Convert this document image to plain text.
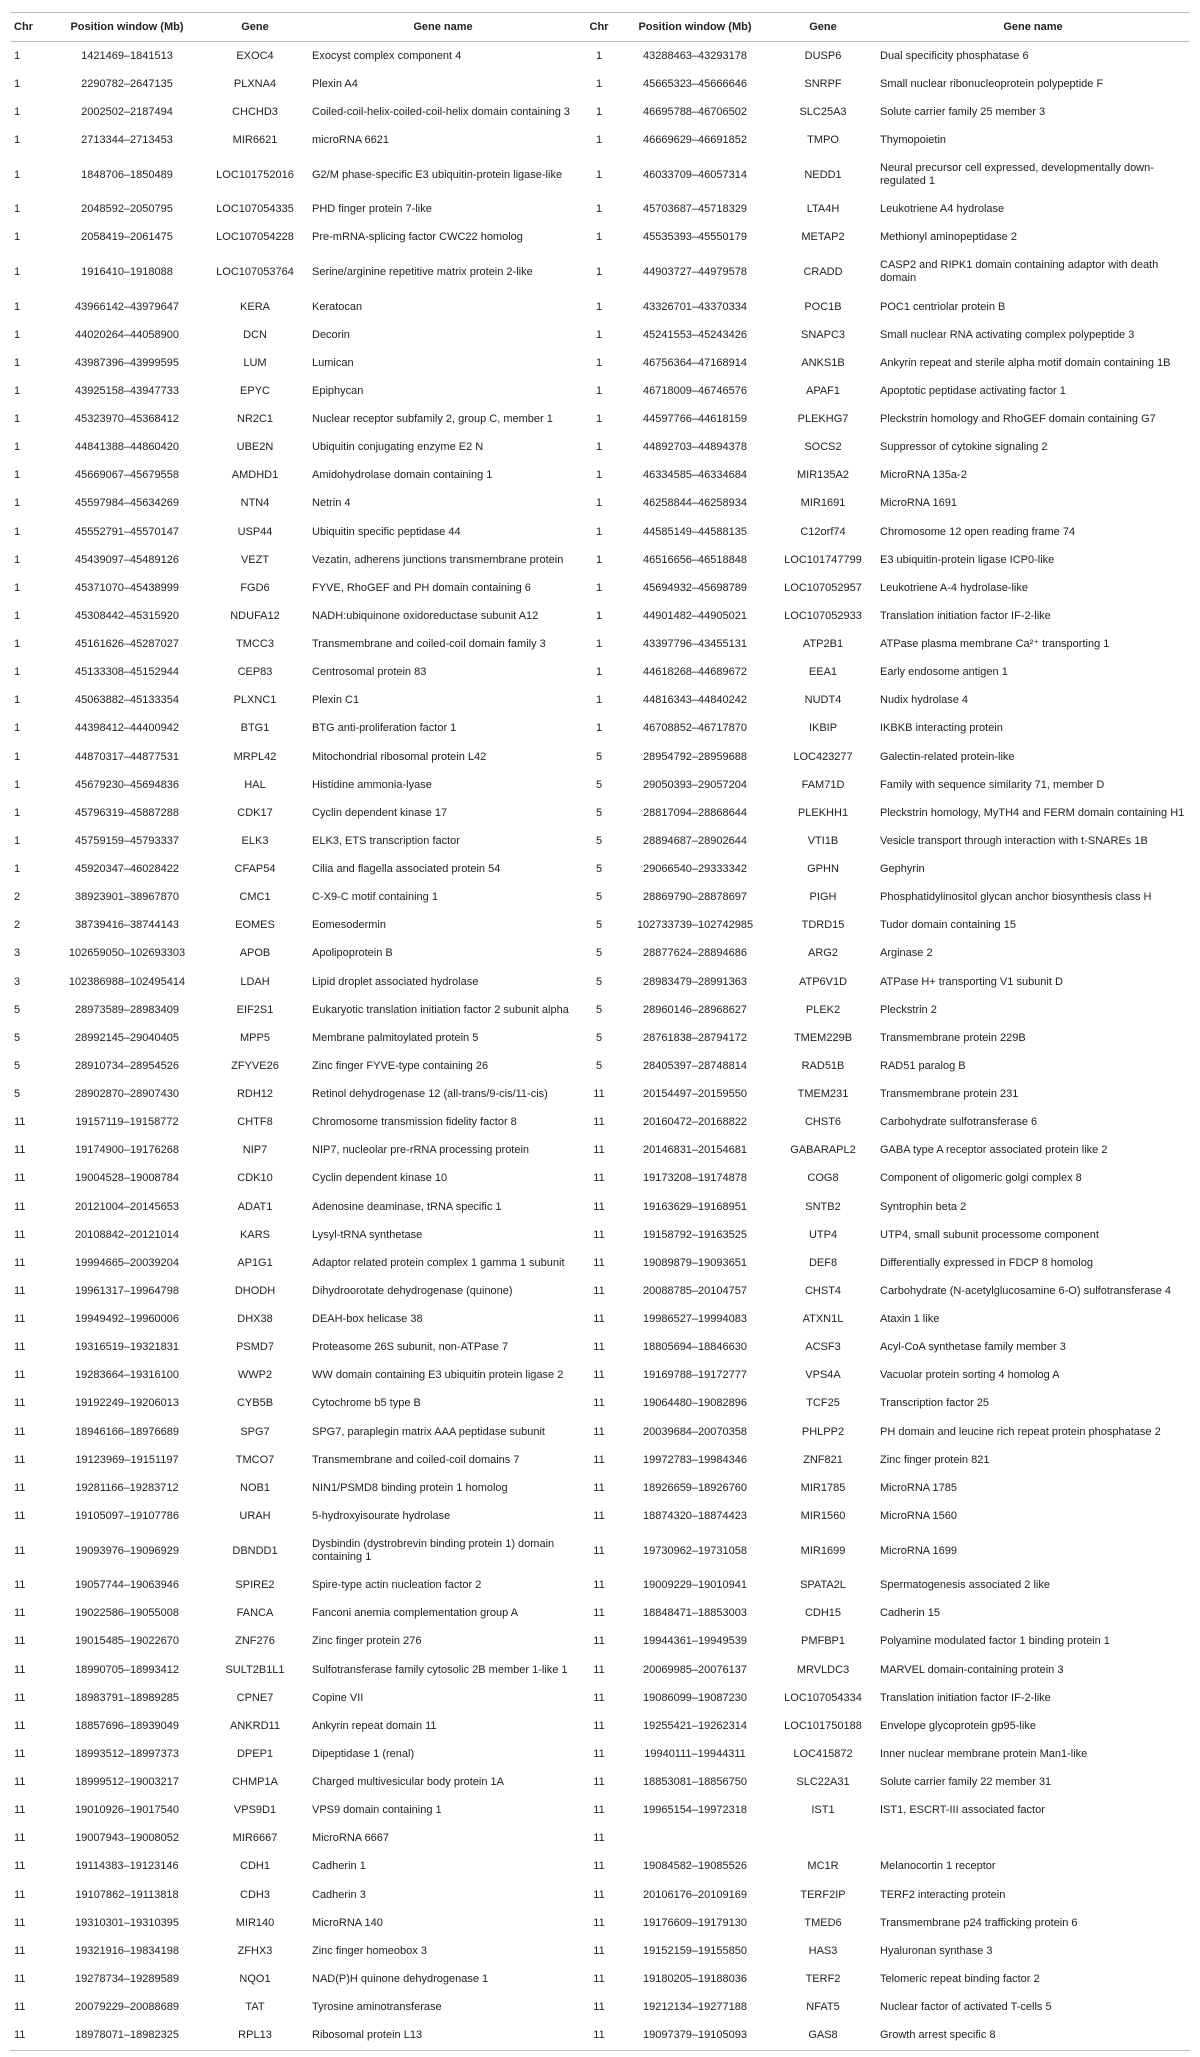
Chr	Position window (Mb)	Gene	Gene name	Chr	Position window (Mb)	Gene	Gene name
1	1421469–1841513	EXOC4	Exocyst complex component 4	1	43288463–43293178	DUSP6	Dual specificity phosphatase 6
1	2290782–2647135	PLXNA4	Plexin A4	1	45665323–45666646	SNRPF	Small nuclear ribonucleoprotein polypeptide F
1	2002502–2187494	CHCHD3	Coiled-coil-helix-coiled-coil-helix domain containing 3	1	46695788–46706502	SLC25A3	Solute carrier family 25 member 3
1	2713344–2713453	MIR6621	microRNA 6621	1	46669629–46691852	TMPO	Thymopoietin
1	1848706–1850489	LOC101752016	G2/M phase-specific E3 ubiquitin-protein ligase-like	1	46033709–46057314	NEDD1	Neural precursor cell expressed, developmentally down-regulated 1
1	2048592–2050795	LOC107054335	PHD finger protein 7-like	1	45703687–45718329	LTA4H	Leukotriene A4 hydrolase
1	2058419–2061475	LOC107054228	Pre-mRNA-splicing factor CWC22 homolog	1	45535393–45550179	METAP2	Methionyl aminopeptidase 2
1	1916410–1918088	LOC107053764	Serine/arginine repetitive matrix protein 2-like	1	44903727–44979578	CRADD	CASP2 and RIPK1 domain containing adaptor with death domain
1	43966142–43979647	KERA	Keratocan	1	43326701–43370334	POC1B	POC1 centriolar protein B
1	44020264–44058900	DCN	Decorin	1	45241553–45243426	SNAPC3	Small nuclear RNA activating complex polypeptide 3
1	43987396–43999595	LUM	Lumican	1	46756364–47168914	ANKS1B	Ankyrin repeat and sterile alpha motif domain containing 1B
1	43925158–43947733	EPYC	Epiphycan	1	46718009–46746576	APAF1	Apoptotic peptidase activating factor 1
1	45323970–45368412	NR2C1	Nuclear receptor subfamily 2, group C, member 1	1	44597766–44618159	PLEKHG7	Pleckstrin homology and RhoGEF domain containing G7
1	44841388–44860420	UBE2N	Ubiquitin conjugating enzyme E2 N	1	44892703–44894378	SOCS2	Suppressor of cytokine signaling 2
1	45669067–45679558	AMDHD1	Amidohydrolase domain containing 1	1	46334585–46334684	MIR135A2	MicroRNA 135a-2
1	45597984–45634269	NTN4	Netrin 4	1	46258844–46258934	MIR1691	MicroRNA 1691
1	45552791–45570147	USP44	Ubiquitin specific peptidase 44	1	44585149–44588135	C12orf74	Chromosome 12 open reading frame 74
1	45439097–45489126	VEZT	Vezatin, adherens junctions transmembrane protein	1	46516656–46518848	LOC101747799	E3 ubiquitin-protein ligase ICP0-like
1	45371070–45438999	FGD6	FYVE, RhoGEF and PH domain containing 6	1	45694932–45698789	LOC107052957	Leukotriene A-4 hydrolase-like
1	45308442–45315920	NDUFA12	NADH:ubiquinone oxidoreductase subunit A12	1	44901482–44905021	LOC107052933	Translation initiation factor IF-2-like
1	45161626–45287027	TMCC3	Transmembrane and coiled-coil domain family 3	1	43397796–43455131	ATP2B1	ATPase plasma membrane Ca²⁺ transporting 1
1	45133308–45152944	CEP83	Centrosomal protein 83	1	44618268–44689672	EEA1	Early endosome antigen 1
1	45063882–45133354	PLXNC1	Plexin C1	1	44816343–44840242	NUDT4	Nudix hydrolase 4
1	44398412–44400942	BTG1	BTG anti-proliferation factor 1	1	46708852–46717870	IKBIP	IKBKB interacting protein
1	44870317–44877531	MRPL42	Mitochondrial ribosomal protein L42	5	28954792–28959688	LOC423277	Galectin-related protein-like
1	45679230–45694836	HAL	Histidine ammonia-lyase	5	29050393–29057204	FAM71D	Family with sequence similarity 71, member D
1	45796319–45887288	CDK17	Cyclin dependent kinase 17	5	28817094–28868644	PLEKHH1	Pleckstrin homology, MyTH4 and FERM domain containing H1
1	45759159–45793337	ELK3	ELK3, ETS transcription factor	5	28894687–28902644	VTI1B	Vesicle transport through interaction with t-SNAREs 1B
1	45920347–46028422	CFAP54	Cilia and flagella associated protein 54	5	29066540–29333342	GPHN	Gephyrin
2	38923901–38967870	CMC1	C-X9-C motif containing 1	5	28869790–28878697	PIGH	Phosphatidylinositol glycan anchor biosynthesis class H
2	38739416–38744143	EOMES	Eomesodermin	5	102733739–102742985	TDRD15	Tudor domain containing 15
3	102659050–102693303	APOB	Apolipoprotein B	5	28877624–28894686	ARG2	Arginase 2
3	102386988–102495414	LDAH	Lipid droplet associated hydrolase	5	28983479–28991363	ATP6V1D	ATPase H+ transporting V1 subunit D
5	28973589–28983409	EIF2S1	Eukaryotic translation initiation factor 2 subunit alpha	5	28960146–28968627	PLEK2	Pleckstrin 2
5	28992145–29040405	MPP5	Membrane palmitoylated protein 5	5	28761838–28794172	TMEM229B	Transmembrane protein 229B
5	28910734–28954526	ZFYVE26	Zinc finger FYVE-type containing 26	5	28405397–28748814	RAD51B	RAD51 paralog B
5	28902870–28907430	RDH12	Retinol dehydrogenase 12 (all-trans/9-cis/11-cis)	11	20154497–20159550	TMEM231	Transmembrane protein 231
11	19157119–19158772	CHTF8	Chromosome transmission fidelity factor 8	11	20160472–20168822	CHST6	Carbohydrate sulfotransferase 6
11	19174900–19176268	NIP7	NIP7, nucleolar pre-rRNA processing protein	11	20146831–20154681	GABARAPL2	GABA type A receptor associated protein like 2
11	19004528–19008784	CDK10	Cyclin dependent kinase 10	11	19173208–19174878	COG8	Component of oligomeric golgi complex 8
11	20121004–20145653	ADAT1	Adenosine deaminase, tRNA specific 1	11	19163629–19168951	SNTB2	Syntrophin beta 2
11	20108842–20121014	KARS	Lysyl-tRNA synthetase	11	19158792–19163525	UTP4	UTP4, small subunit processome component
11	19994665–20039204	AP1G1	Adaptor related protein complex 1 gamma 1 subunit	11	19089879–19093651	DEF8	Differentially expressed in FDCP 8 homolog
11	19961317–19964798	DHODH	Dihydroorotate dehydrogenase (quinone)	11	20088785–20104757	CHST4	Carbohydrate (N-acetylglucosamine 6-O) sulfotransferase 4
11	19949492–19960006	DHX38	DEAH-box helicase 38	11	19986527–19994083	ATXN1L	Ataxin 1 like
11	19316519–19321831	PSMD7	Proteasome 26S subunit, non-ATPase 7	11	18805694–18846630	ACSF3	Acyl-CoA synthetase family member 3
11	19283664–19316100	WWP2	WW domain containing E3 ubiquitin protein ligase 2	11	19169788–19172777	VPS4A	Vacuolar protein sorting 4 homolog A
11	19192249–19206013	CYB5B	Cytochrome b5 type B	11	19064480–19082896	TCF25	Transcription factor 25
11	18946166–18976689	SPG7	SPG7, paraplegin matrix AAA peptidase subunit	11	20039684–20070358	PHLPP2	PH domain and leucine rich repeat protein phosphatase 2
11	19123969–19151197	TMCO7	Transmembrane and coiled-coil domains 7	11	19972783–19984346	ZNF821	Zinc finger protein 821
11	19281166–19283712	NOB1	NIN1/PSMD8 binding protein 1 homolog	11	18926659–18926760	MIR1785	MicroRNA 1785
11	19105097–19107786	URAH	5-hydroxyisourate hydrolase	11	18874320–18874423	MIR1560	MicroRNA 1560
11	19093976–19096929	DBNDD1	Dysbindin (dystrobrevin binding protein 1) domain containing 1	11	19730962–19731058	MIR1699	MicroRNA 1699
11	19057744–19063946	SPIRE2	Spire-type actin nucleation factor 2	11	19009229–19010941	SPATA2L	Spermatogenesis associated 2 like
11	19022586–19055008	FANCA	Fanconi anemia complementation group A	11	18848471–18853003	CDH15	Cadherin 15
11	19015485–19022670	ZNF276	Zinc finger protein 276	11	19944361–19949539	PMFBP1	Polyamine modulated factor 1 binding protein 1
11	18990705–18993412	SULT2B1L1	Sulfotransferase family cytosolic 2B member 1-like 1	11	20069985–20076137	MRVLDC3	MARVEL domain-containing protein 3
11	18983791–18989285	CPNE7	Copine VII	11	19086099–19087230	LOC107054334	Translation initiation factor IF-2-like
11	18857696–18939049	ANKRD11	Ankyrin repeat domain 11	11	19255421–19262314	LOC101750188	Envelope glycoprotein gp95-like
11	18993512–18997373	DPEP1	Dipeptidase 1 (renal)	11	19940111–19944311	LOC415872	Inner nuclear membrane protein Man1-like
11	18999512–19003217	CHMP1A	Charged multivesicular body protein 1A	11	18853081–18856750	SLC22A31	Solute carrier family 22 member 31
11	19010926–19017540	VPS9D1	VPS9 domain containing 1	11	19965154–19972318	IST1	IST1, ESCRT-III associated factor
11	19007943–19008052	MIR6667	MicroRNA 6667	11			
11	19114383–19123146	CDH1	Cadherin 1	11	19084582–19085526	MC1R	Melanocortin 1 receptor
11	19107862–19113818	CDH3	Cadherin 3	11	20106176–20109169	TERF2IP	TERF2 interacting protein
11	19310301–19310395	MIR140	MicroRNA 140	11	19176609–19179130	TMED6	Transmembrane p24 trafficking protein 6
11	19321916–19834198	ZFHX3	Zinc finger homeobox 3	11	19152159–19155850	HAS3	Hyaluronan synthase 3
11	19278734–19289589	NQO1	NAD(P)H quinone dehydrogenase 1	11	19180205–19188036	TERF2	Telomeric repeat binding factor 2
11	20079229–20088689	TAT	Tyrosine aminotransferase	11	19212134–19277188	NFAT5	Nuclear factor of activated T-cells 5
11	18978071–18982325	RPL13	Ribosomal protein L13	11	19097379–19105093	GAS8	Growth arrest specific 8
